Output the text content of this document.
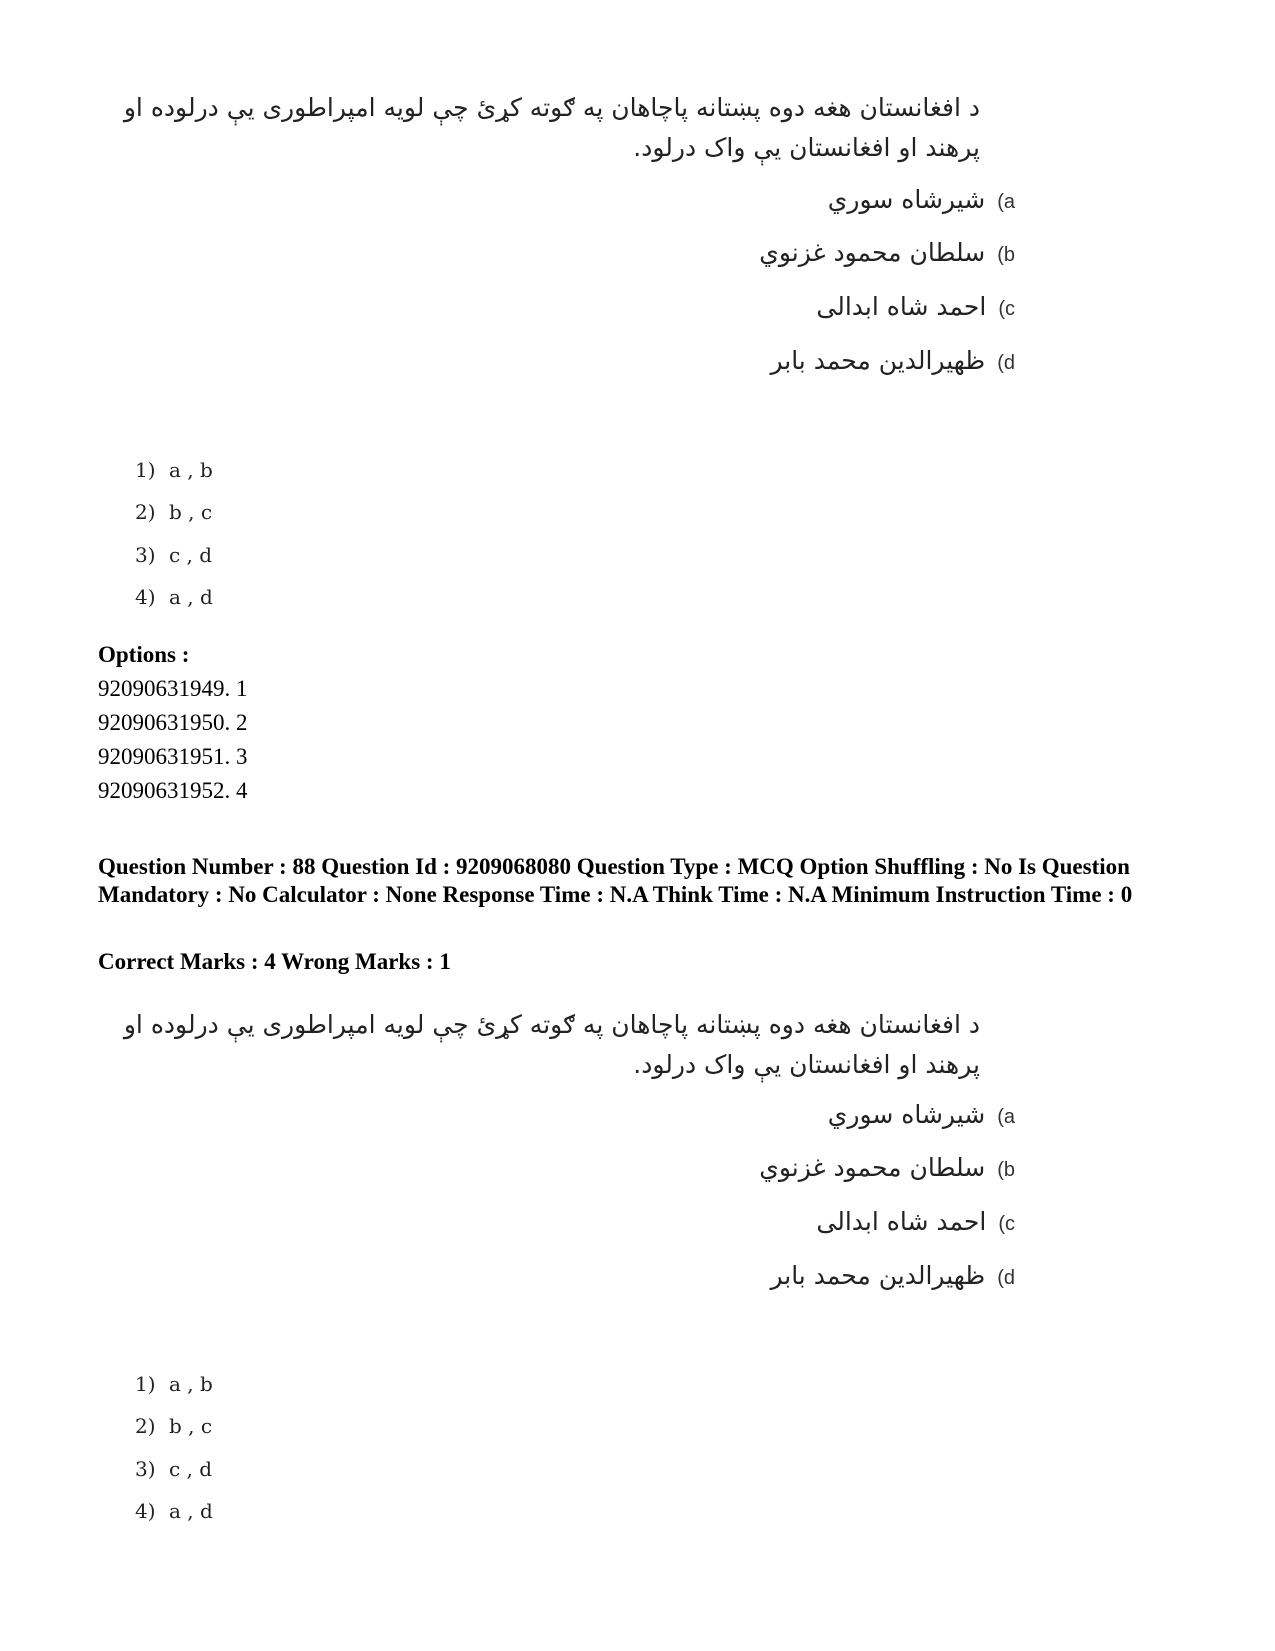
د افغانستان هغه دوه پښتانه پاچاهان په ګوته کړئ چې لویه امپراطوری یې درلوده او
پرهند او افغانستان یې واک درلود.
a)شیرشاه سوري
b)سلطان محمود غزنوي
c)احمد شاه ابدالی
d)ظهیرالدین محمد بابر
1) a , b
2) b , c
3) c , d
4) a , d
Options :
92090631949. 1
92090631950. 2
92090631951. 3
92090631952. 4
Question Number : 88 Question Id : 9209068080 Question Type : MCQ Option Shuffling : No Is Question Mandatory : No Calculator : None Response Time : N.A Think Time : N.A Minimum Instruction Time : 0
Correct Marks : 4 Wrong Marks : 1
د افغانستان هغه دوه پښتانه پاچاهان په ګوته کړئ چې لویه امپراطوری یې درلوده او
پرهند او افغانستان یې واک درلود.
a)شیرشاه سوري
b)سلطان محمود غزنوي
c)احمد شاه ابدالی
d)ظهیرالدین محمد بابر
1) a , b
2) b , c
3) c , d
4) a , d
